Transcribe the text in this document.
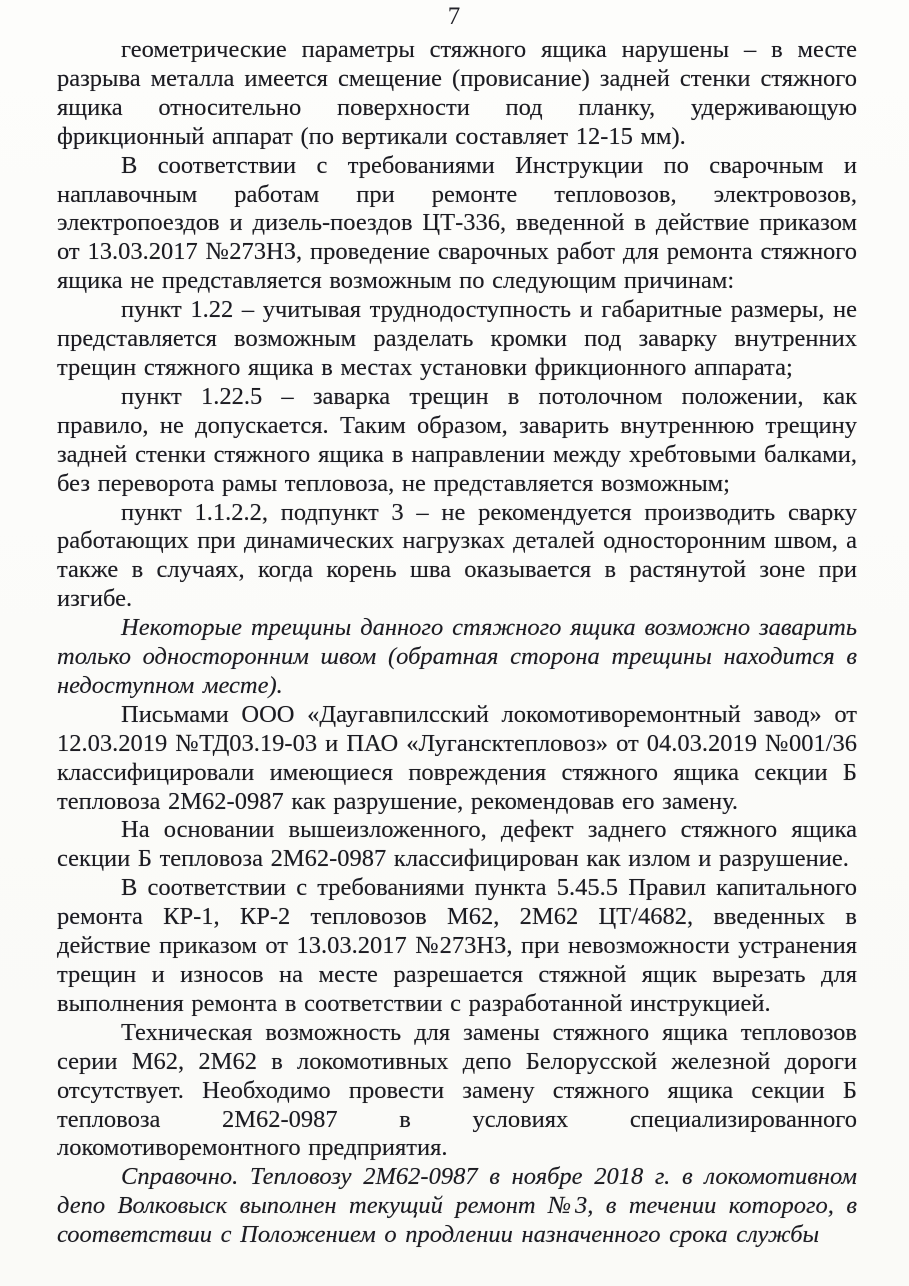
7

геометрические параметры стяжного ящика нарушены – в месте разрыва металла имеется смещение (провисание) задней стенки стяжного ящика относительно поверхности под планку, удерживающую фрикционный аппарат (по вертикали составляет 12-15 мм).

В соответствии с требованиями Инструкции по сварочным и наплавочным работам при ремонте тепловозов, электровозов, электропоездов и дизель-поездов ЦТ-336, введенной в действие приказом от 13.03.2017 №273НЗ, проведение сварочных работ для ремонта стяжного ящика не представляется возможным по следующим причинам:

пункт 1.22 – учитывая труднодоступность и габаритные размеры, не представляется возможным разделать кромки под заварку внутренних трещин стяжного ящика в местах установки фрикционного аппарата;

пункт 1.22.5 – заварка трещин в потолочном положении, как правило, не допускается. Таким образом, заварить внутреннюю трещину задней стенки стяжного ящика в направлении между хребтовыми балками, без переворота рамы тепловоза, не представляется возможным;

пункт 1.1.2.2, подпункт 3 – не рекомендуется производить сварку работающих при динамических нагрузках деталей односторонним швом, а также в случаях, когда корень шва оказывается в растянутой зоне при изгибе.

Некоторые трещины данного стяжного ящика возможно заварить только односторонним швом (обратная сторона трещины находится в недоступном месте).

Письмами ООО «Даугавпилсский локомотиворемонтный завод» от 12.03.2019 №ТД03.19-03 и ПАО «Лугансктепловоз» от 04.03.2019 №001/36 классифицировали имеющиеся повреждения стяжного ящика секции Б тепловоза 2М62-0987 как разрушение, рекомендовав его замену.

На основании вышеизложенного, дефект заднего стяжного ящика секции Б тепловоза 2М62-0987 классифицирован как излом и разрушение.

В соответствии с требованиями пункта 5.45.5 Правил капитального ремонта КР-1, КР-2 тепловозов М62, 2М62 ЦТ/4682, введенных в действие приказом от 13.03.2017 №273НЗ, при невозможности устранения трещин и износов на месте разрешается стяжной ящик вырезать для выполнения ремонта в соответствии с разработанной инструкцией.

Техническая возможность для замены стяжного ящика тепловозов серии М62, 2М62 в локомотивных депо Белорусской железной дороги отсутствует. Необходимо провести замену стяжного ящика секции Б тепловоза 2М62-0987 в условиях специализированного локомотиворемонтного предприятия.

Справочно. Тепловозу 2М62-0987 в ноябре 2018 г. в локомотивном депо Волковыск выполнен текущий ремонт №3, в течении которого, в соответствии с Положением о продлении назначенного срока службы
